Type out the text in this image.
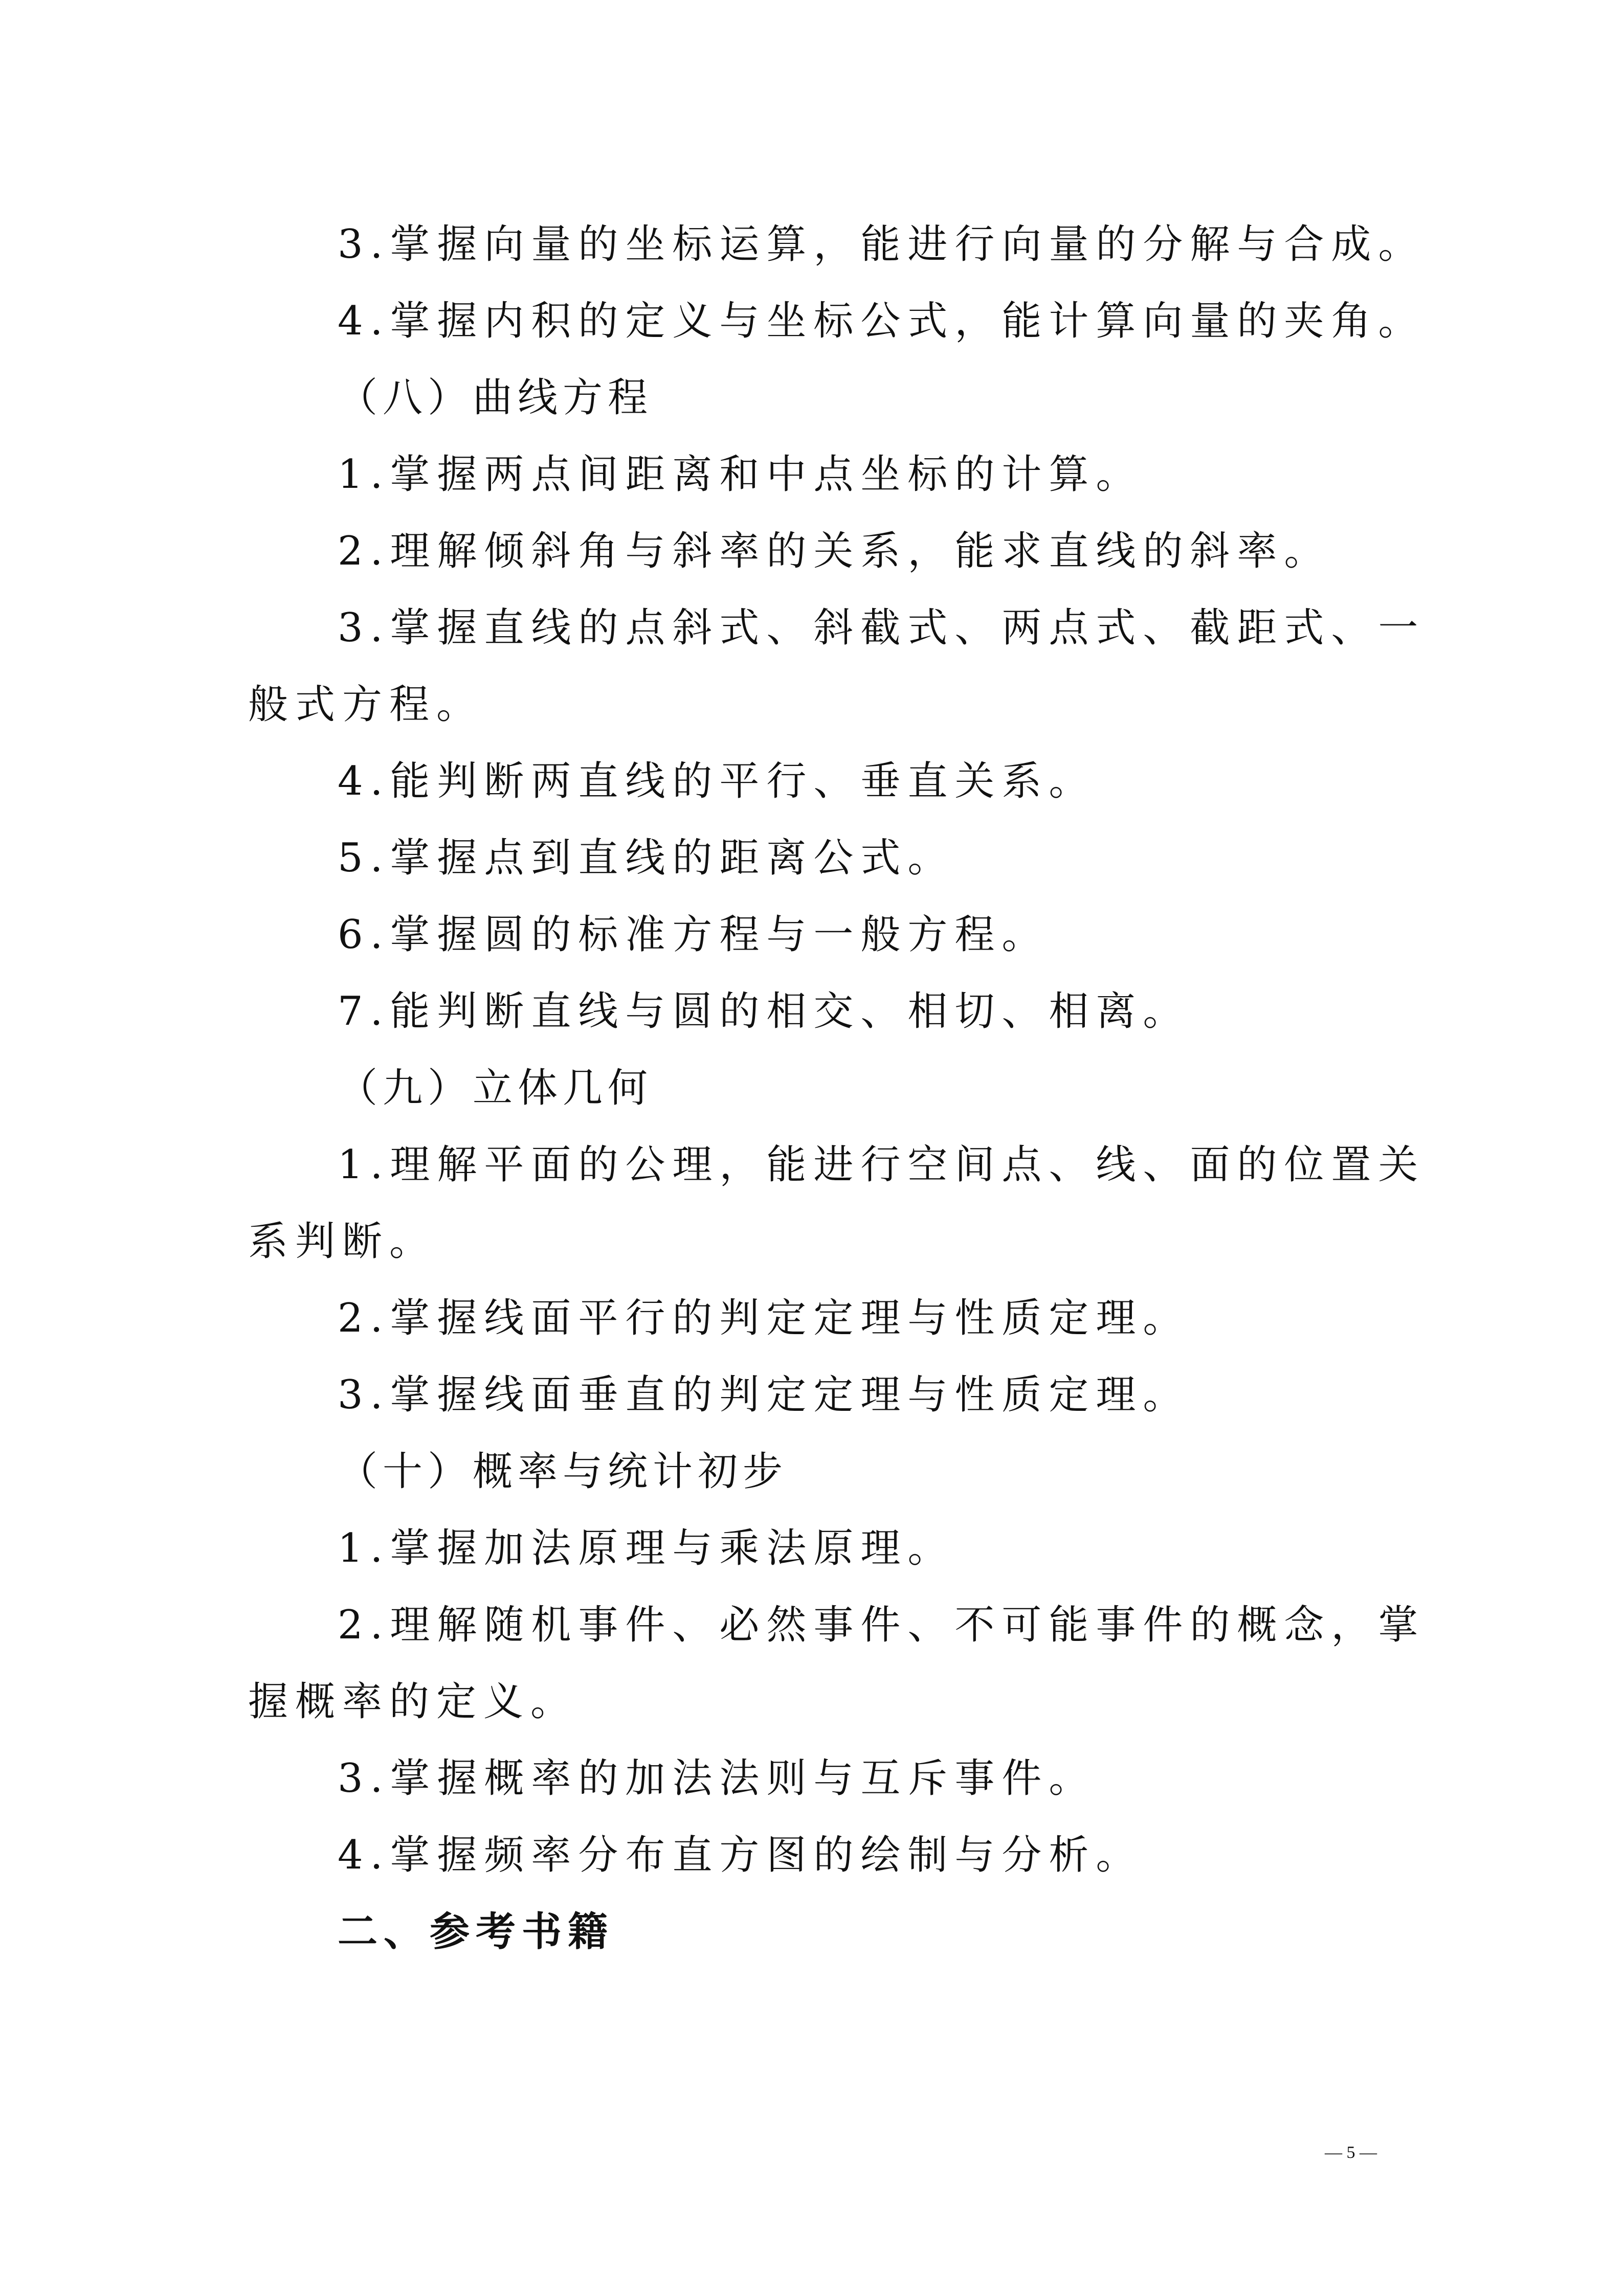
3.掌握向量的坐标运算，能进行向量的分解与合成。
4.掌握内积的定义与坐标公式，能计算向量的夹角。
（八）曲线方程
1.掌握两点间距离和中点坐标的计算。
2.理解倾斜角与斜率的关系，能求直线的斜率。
3.掌握直线的点斜式、斜截式、两点式、截距式、一
般式方程。
4.能判断两直线的平行、垂直关系。
5.掌握点到直线的距离公式。
6.掌握圆的标准方程与一般方程。
7.能判断直线与圆的相交、相切、相离。
（九）立体几何
1.理解平面的公理，能进行空间点、线、面的位置关
系判断。
2.掌握线面平行的判定定理与性质定理。
3.掌握线面垂直的判定定理与性质定理。
（十）概率与统计初步
1.掌握加法原理与乘法原理。
2.理解随机事件、必然事件、不可能事件的概念，掌
握概率的定义。
3.掌握概率的加法法则与互斥事件。
4.掌握频率分布直方图的绘制与分析。
二、参考书籍
— 5 —
